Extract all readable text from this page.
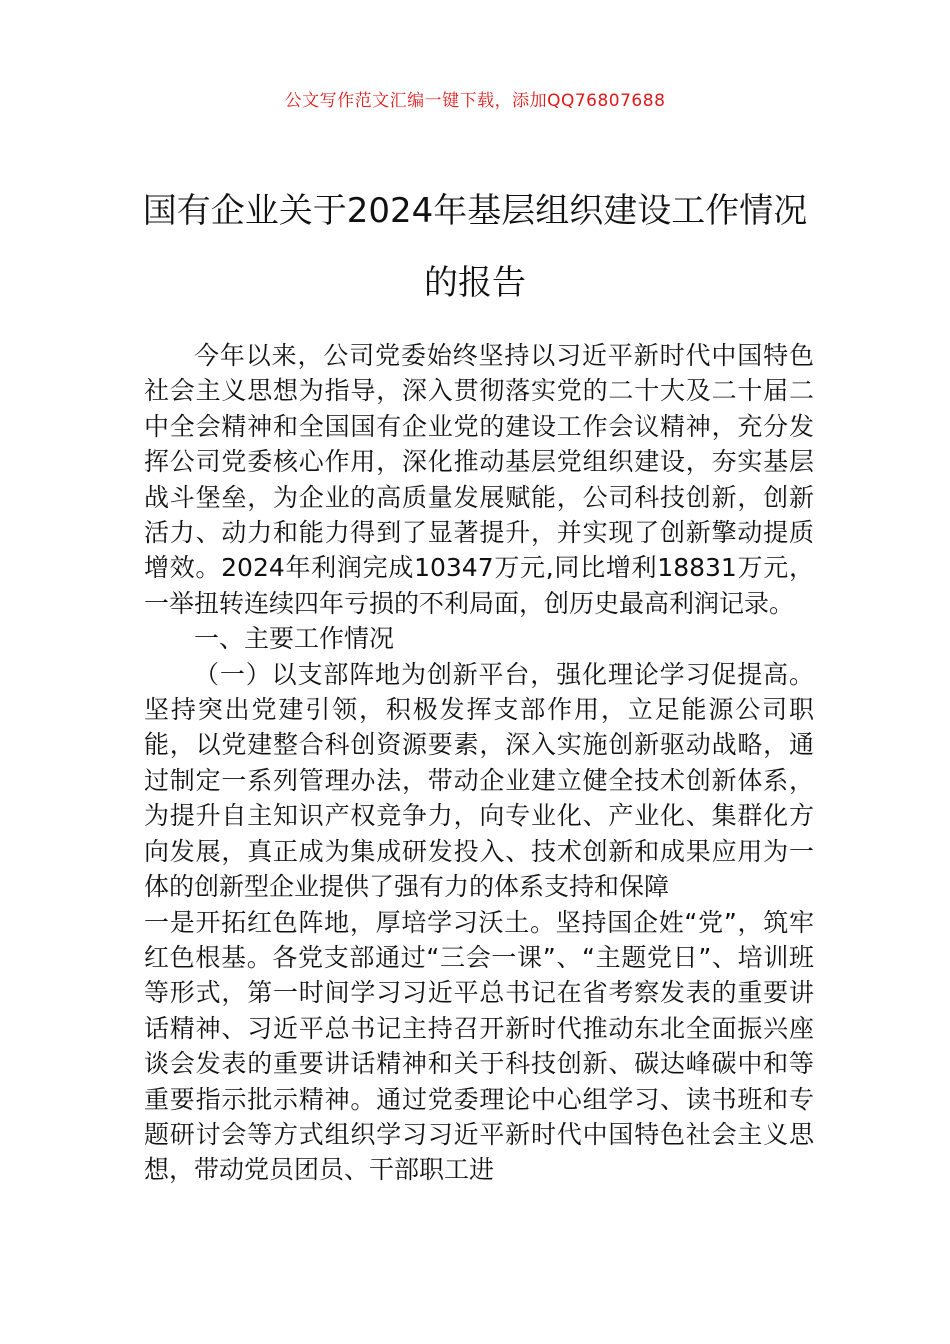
公文写作范文汇编一键下载，添加QQ76807688
国有企业关于2024年基层组织建设工作情况的报告

今年以来，公司党委始终坚持以习近平新时代中国特色社会主义思想为指导，深入贯彻落实党的二十大及二十届二中全会精神和全国国有企业党的建设工作会议精神，充分发挥公司党委核心作用，深化推动基层党组织建设，夯实基层战斗堡垒，为企业的高质量发展赋能，公司科技创新，创新活力、动力和能力得到了显著提升，并实现了创新擎动提质增效。2024年利润完成10347万元,同比增利18831万元，一举扭转连续四年亏损的不利局面，创历史最高利润记录。

一、主要工作情况

（一）以支部阵地为创新平台，强化理论学习促提高。坚持突出党建引领，积极发挥支部作用，立足能源公司职能，以党建整合科创资源要素，深入实施创新驱动战略，通过制定一系列管理办法，带动企业建立健全技术创新体系，为提升自主知识产权竞争力，向专业化、产业化、集群化方向发展，真正成为集成研发投入、技术创新和成果应用为一体的创新型企业提供了强有力的体系支持和保障

一是开拓红色阵地，厚培学习沃土。坚持国企姓“党”，筑牢红色根基。各党支部通过“三会一课”、“主题党日”、培训班等形式，第一时间学习习近平总书记在省考察发表的重要讲话精神、习近平总书记主持召开新时代推动东北全面振兴座谈会发表的重要讲话精神和关于科技创新、碳达峰碳中和等重要指示批示精神。通过党委理论中心组学习、读书班和专题研讨会等方式组织学习习近平新时代中国特色社会主义思想，带动党员团员、干部职工进
